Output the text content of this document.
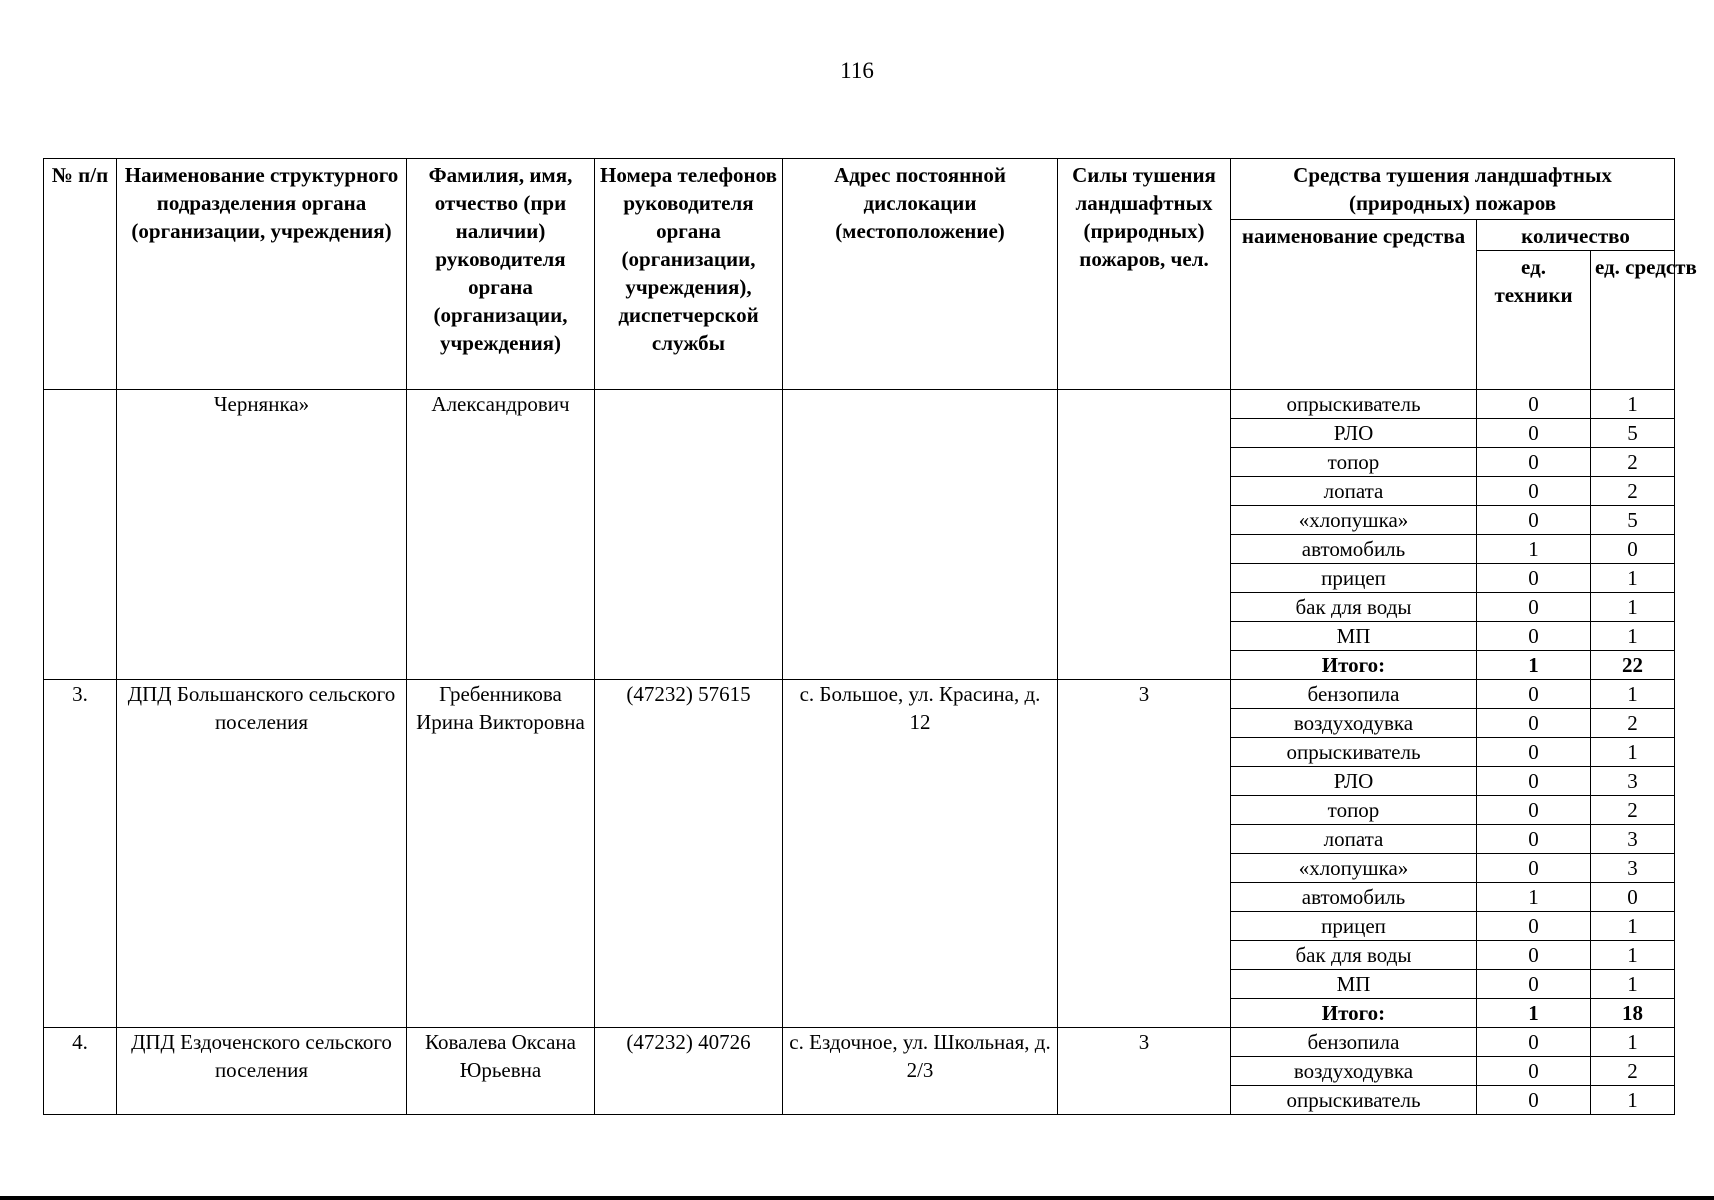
116
№ п/п	Наименование структурного подразделения органа (организации, учреждения)	Фамилия, имя, отчество (при наличии) руководителя органа (организации, учреждения)	Номера телефонов руководителя органа (организации, учреждения), диспетчерской службы	Адрес постоянной дислокации (местоположение)	Силы тушения ландшафтных (природных) пожаров, чел.	Средства тушения ландшафтных (природных) пожаров		
						наименование средства	количество	
							ед. техники	ед. средств
	Чернянка»	Александрович				опрыскиватель	0	1
						РЛО	0	5
						топор	0	2
						лопата	0	2
						«хлопушка»	0	5
						автомобиль	1	0
						прицеп	0	1
						бак для воды	0	1
						МП	0	1
						Итого:	1	22
3.	ДПД Большанского сельского поселения	Гребенникова Ирина Викторовна	(47232) 57615	с. Большое, ул. Красина, д. 12	3	бензопила	0	1
						воздуходувка	0	2
						опрыскиватель	0	1
						РЛО	0	3
						топор	0	2
						лопата	0	3
						«хлопушка»	0	3
						автомобиль	1	0
						прицеп	0	1
						бак для воды	0	1
						МП	0	1
						Итого:	1	18
4.	ДПД Ездоченского сельского поселения	Ковалева Оксана Юрьевна	(47232) 40726	с. Ездочное, ул. Школьная, д. 2/3	3	бензопила	0	1
						воздуходувка	0	2
						опрыскиватель	0	1
